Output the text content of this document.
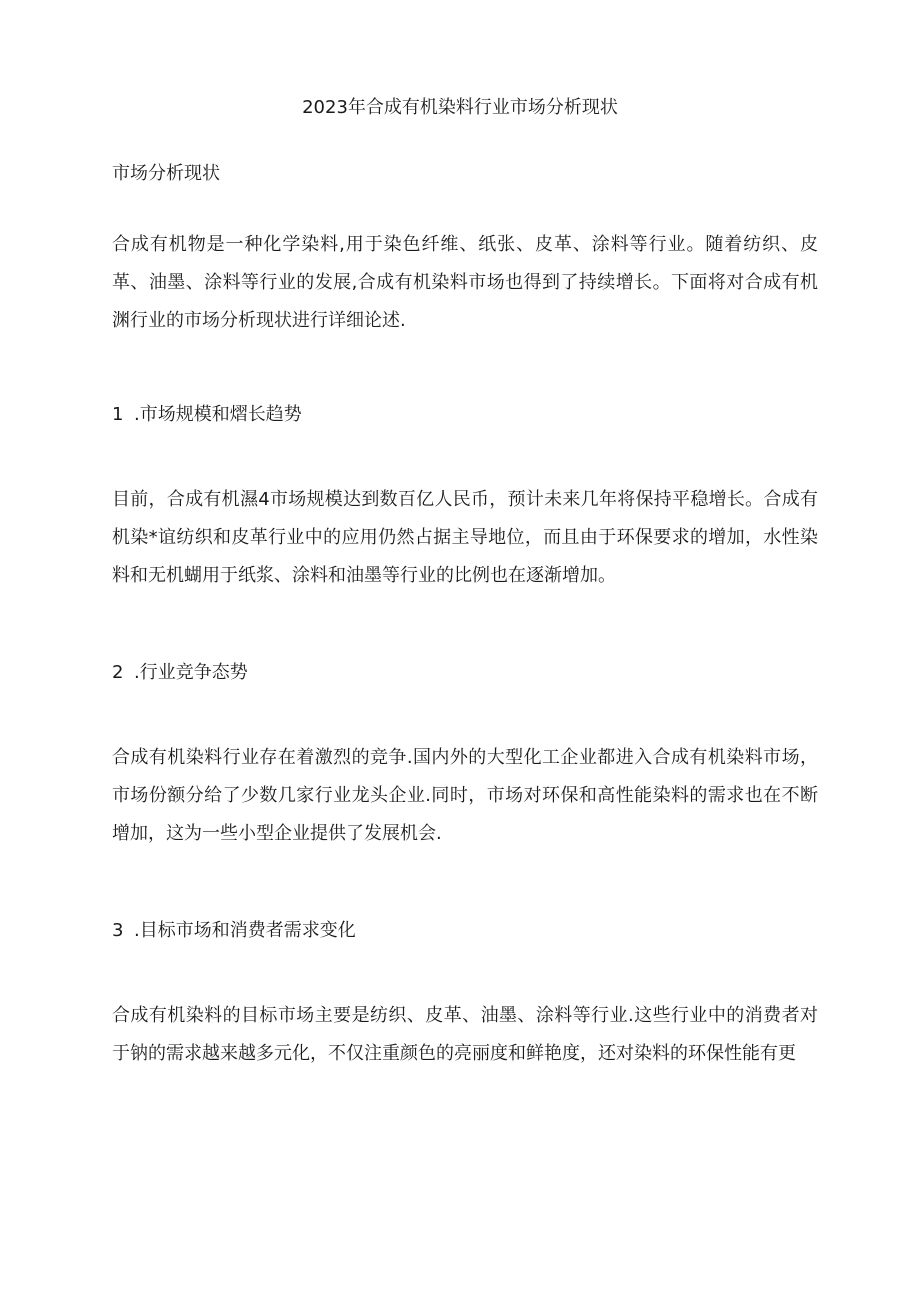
2023年合成有机染料行业市场分析现状

市场分析现状

合成有机物是一种化学染料,用于染色纤维、纸张、皮革、涂料等行业。随着纺织、皮革、油墨、涂料等行业的发展,合成有机染料市场也得到了持续增长。下面将对合成有机渊行业的市场分析现状进行详细论述.

1 .市场规模和熠长趋势

目前，合成有机濕4市场规模达到数百亿人民币，预计未来几年将保持平稳增长。合成有机染*谊纺织和皮革行业中的应用仍然占据主导地位，而且由于环保要求的增加，水性染料和无机蝴用于纸浆、涂料和油墨等行业的比例也在逐渐增加。

2 .行业竞争态势

合成有机染料行业存在着激烈的竞争.国内外的大型化工企业都进入合成有机染料市场，市场份额分给了少数几家行业龙头企业.同时，市场对环保和高性能染料的需求也在不断增加，这为一些小型企业提供了发展机会.

3 .目标市场和消费者需求变化

合成有机染料的目标市场主要是纺织、皮革、油墨、涂料等行业.这些行业中的消费者对于钠的需求越来越多元化，不仅注重颜色的亮丽度和鲜艳度，还对染料的环保性能有更
